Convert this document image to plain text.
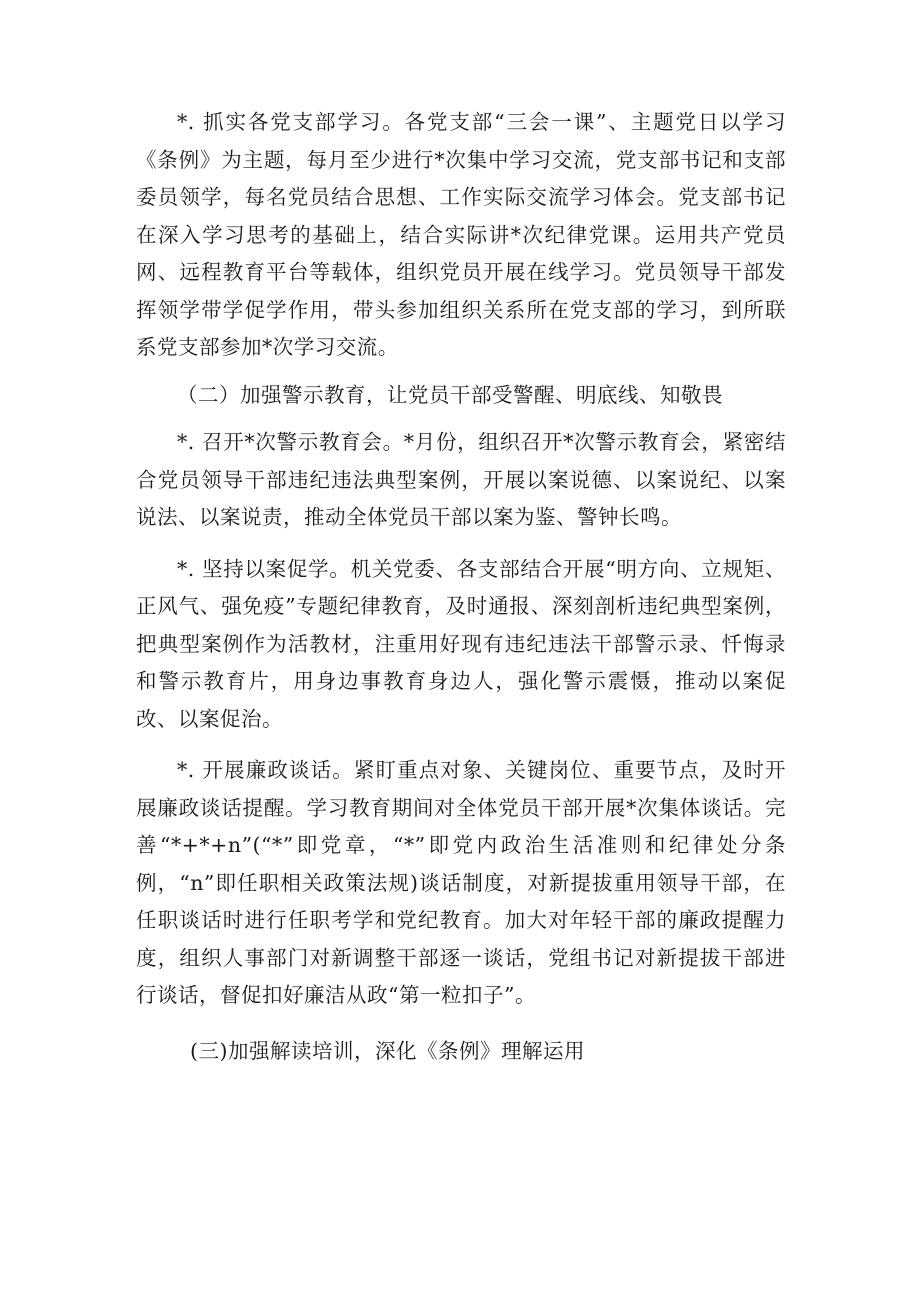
*. 抓实各党支部学习。各党支部“三会一课”、主题党日以学习《条例》为主题，每月至少进行*次集中学习交流，党支部书记和支部委员领学，每名党员结合思想、工作实际交流学习体会。党支部书记在深入学习思考的基础上，结合实际讲*次纪律党课。运用共产党员网、远程教育平台等载体，组织党员开展在线学习。党员领导干部发挥领学带学促学作用，带头参加组织关系所在党支部的学习，到所联系党支部参加*次学习交流。

（二）加强警示教育，让党员干部受警醒、明底线、知敬畏

*. 召开*次警示教育会。*月份，组织召开*次警示教育会，紧密结合党员领导干部违纪违法典型案例，开展以案说德、以案说纪、以案说法、以案说责，推动全体党员干部以案为鉴、警钟长鸣。

*. 坚持以案促学。机关党委、各支部结合开展“明方向、立规矩、正风气、强免疫”专题纪律教育，及时通报、深刻剖析违纪典型案例，把典型案例作为活教材，注重用好现有违纪违法干部警示录、忏悔录和警示教育片，用身边事教育身边人，强化警示震慑，推动以案促改、以案促治。

*. 开展廉政谈话。紧盯重点对象、关键岗位、重要节点，及时开展廉政谈话提醒。学习教育期间对全体党员干部开展*次集体谈话。完善“*+*+n”(“*”即党章，“*”即党内政治生活准则和纪律处分条例，“n”即任职相关政策法规)谈话制度，对新提拔重用领导干部，在任职谈话时进行任职考学和党纪教育。加大对年轻干部的廉政提醒力度，组织人事部门对新调整干部逐一谈话，党组书记对新提拔干部进行谈话，督促扣好廉洁从政“第一粒扣子”。

(三)加强解读培训，深化《条例》理解运用
